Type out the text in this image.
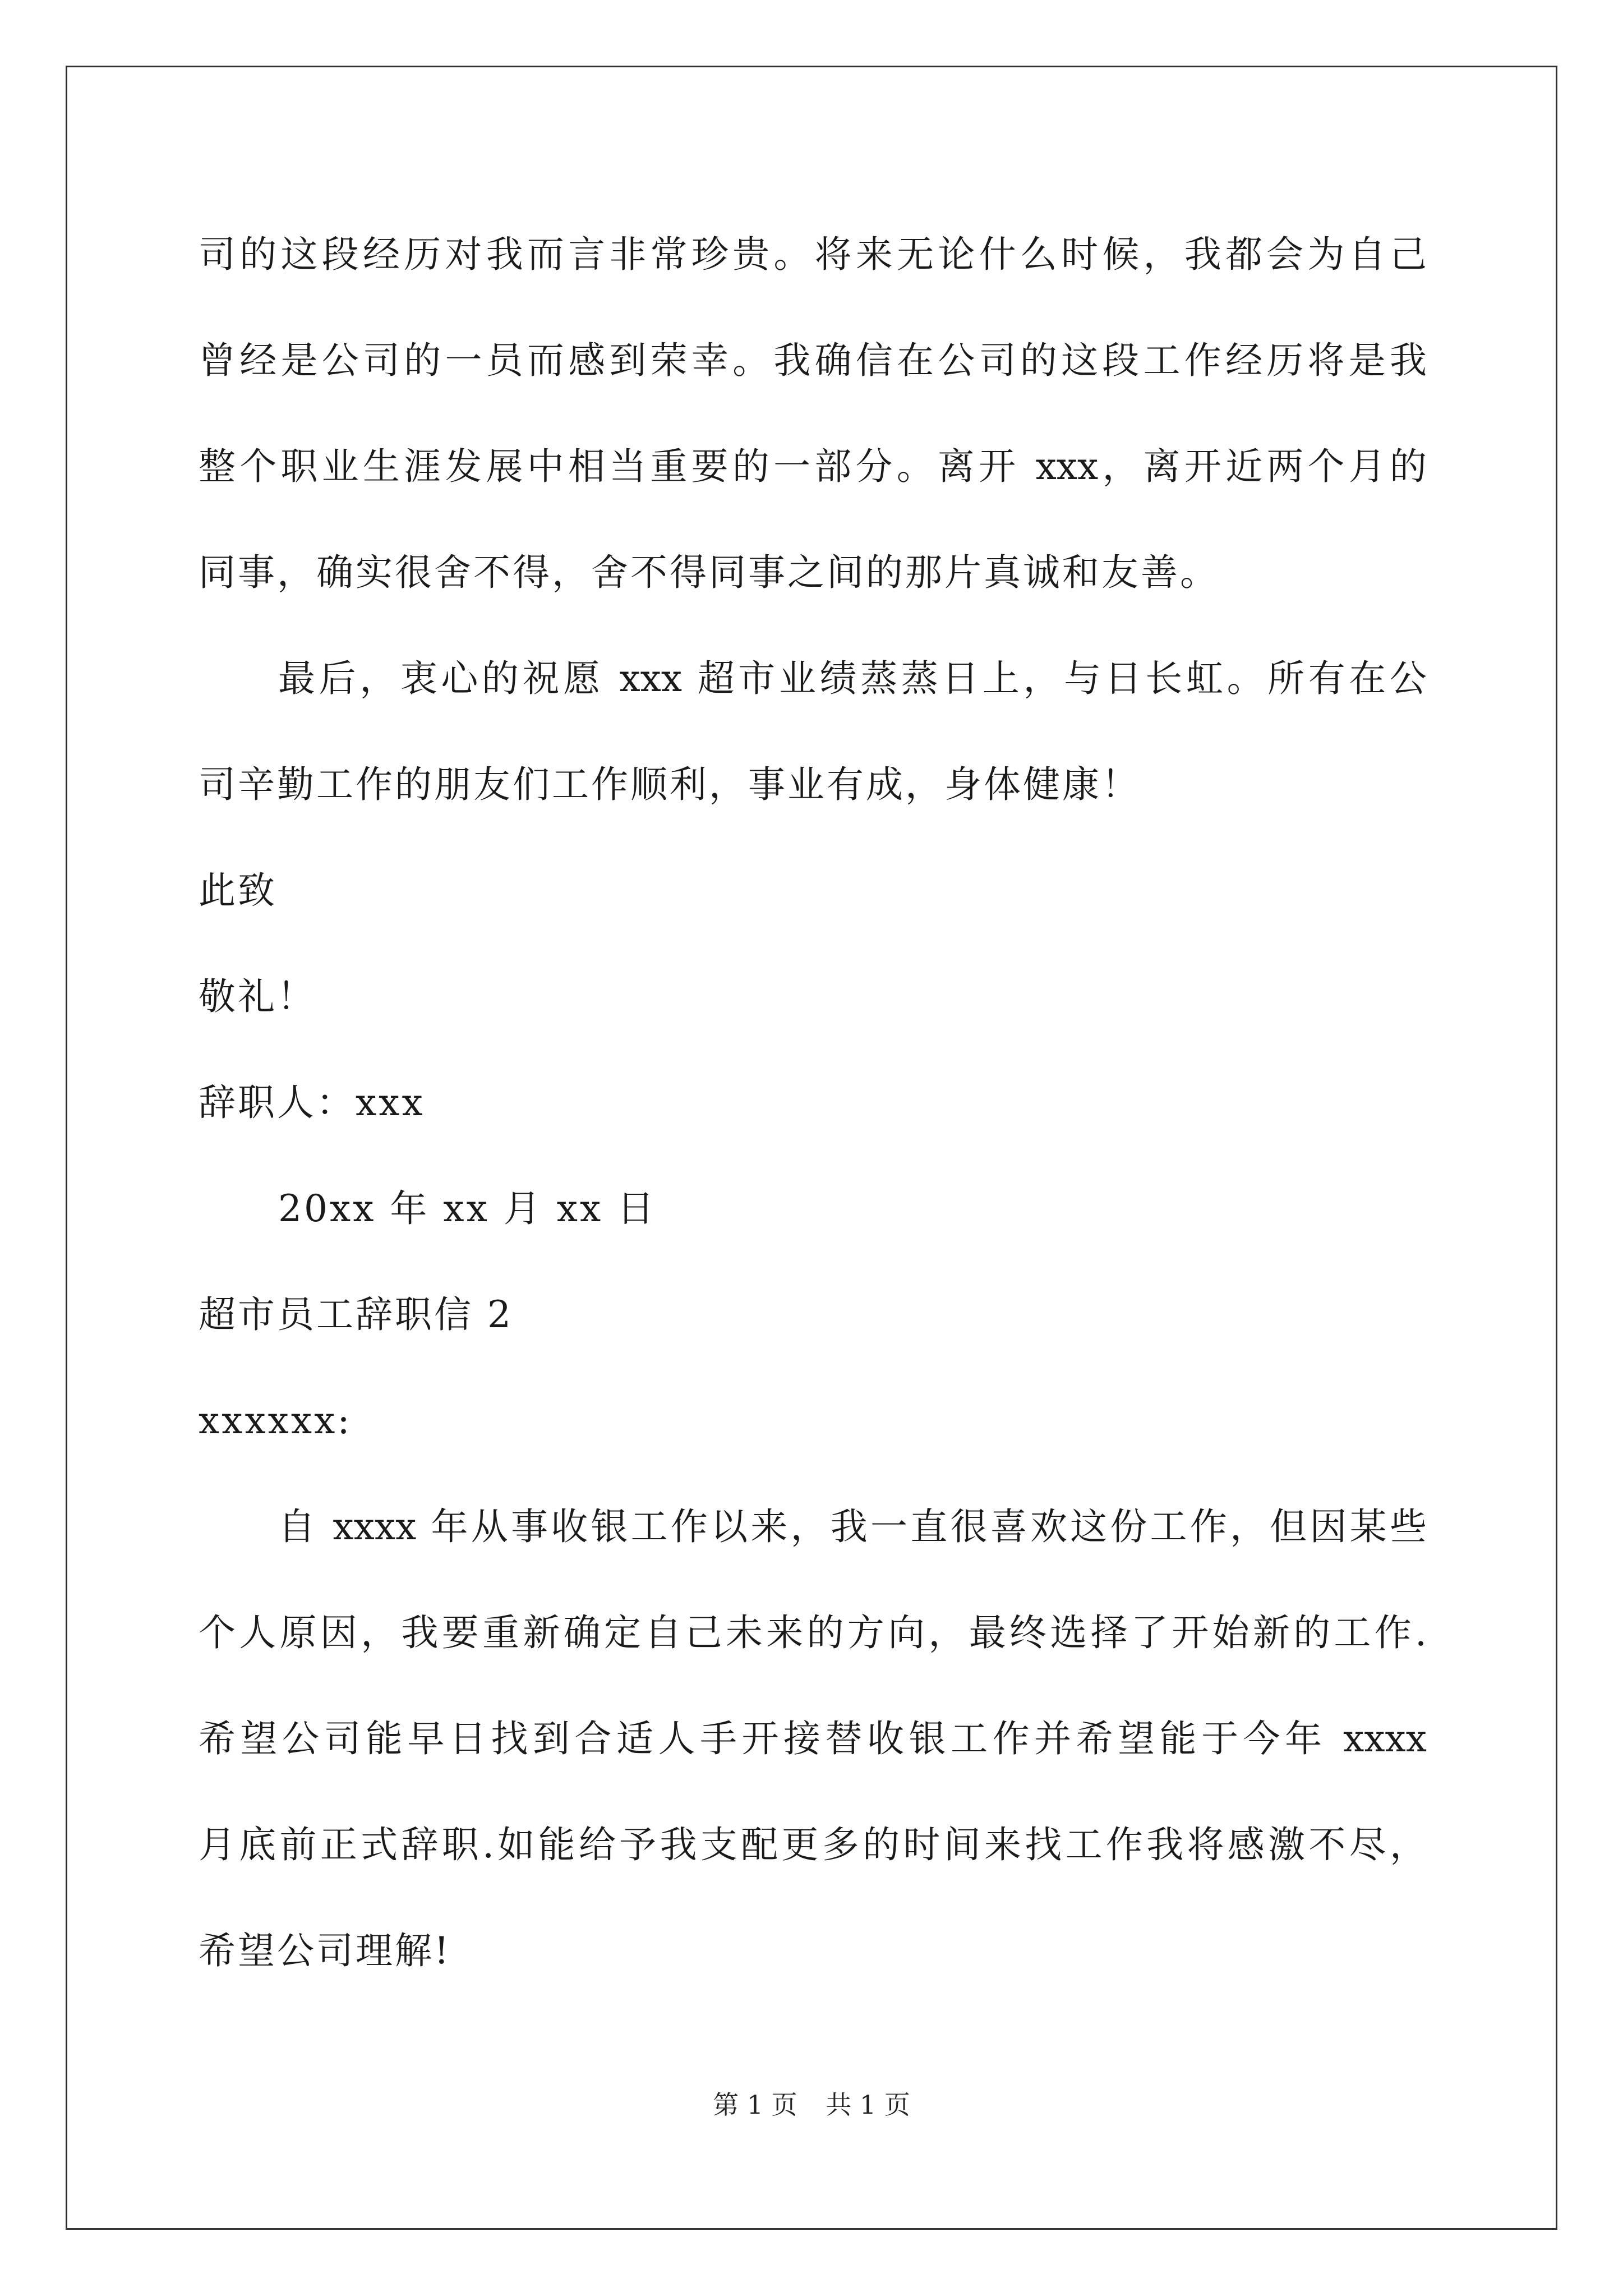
司的这段经历对我而言非常珍贵。将来无论什么时候，我都会为自己
曾经是公司的一员而感到荣幸。我确信在公司的这段工作经历将是我
整个职业生涯发展中相当重要的一部分。离开 xxx，离开近两个月的
同事，确实很舍不得，舍不得同事之间的那片真诚和友善。
最后，衷心的祝愿 xxx 超市业绩蒸蒸日上，与日长虹。所有在公
司辛勤工作的朋友们工作顺利，事业有成，身体健康！
此致
敬礼！
辞职人：xxx
20xx 年 xx 月 xx 日
超市员工辞职信 2
xxxxxx:
自 xxxx 年从事收银工作以来，我一直很喜欢这份工作，但因某些
个人原因，我要重新确定自己未来的方向，最终选择了开始新的工作.
希望公司能早日找到合适人手开接替收银工作并希望能于今年 xxxx
月底前正式辞职.如能给予我支配更多的时间来找工作我将感激不尽，
希望公司理解!
第 1 页 共 1 页
